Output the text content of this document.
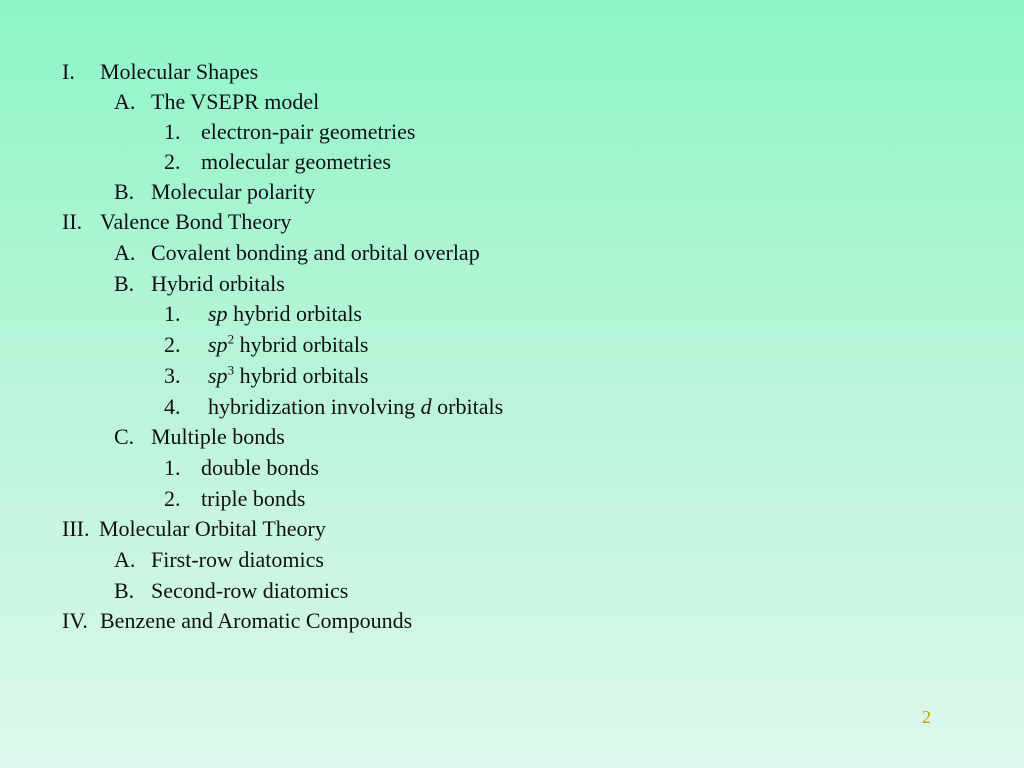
I. Molecular Shapes
A. The VSEPR model
1. electron-pair geometries
2. molecular geometries
B. Molecular polarity
II. Valence Bond Theory
A. Covalent bonding and orbital overlap
B. Hybrid orbitals
1. sp hybrid orbitals
2. $sp^2$ hybrid orbitals
3. $sp^3$ hybrid orbitals
4. hybridization involving d orbitals
C. Multiple bonds
1. double bonds
2. triple bonds
III. Molecular Orbital Theory
A. First-row diatomics
B. Second-row diatomics
IV. Benzene and Aromatic Compounds
2
